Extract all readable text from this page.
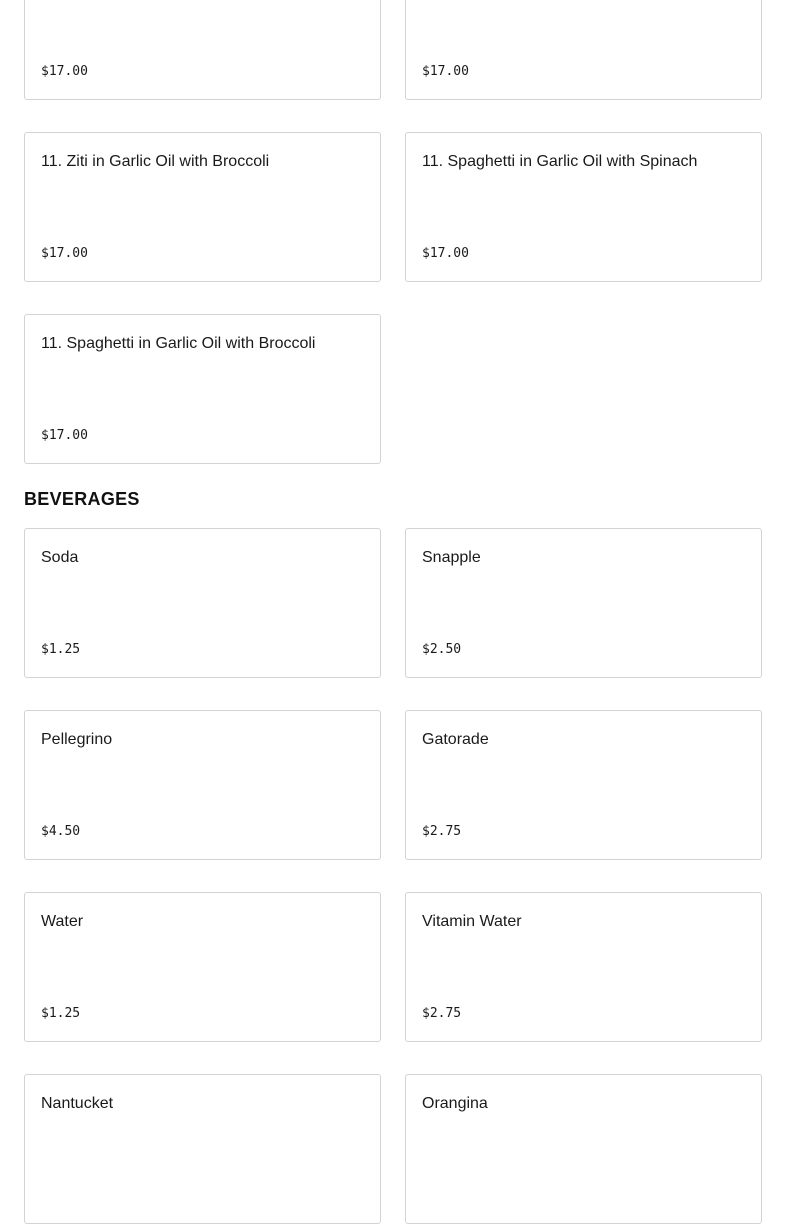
$17.00	$17.00
11. Ziti in Garlic Oil with Broccoli
$17.00
11. Spaghetti in Garlic Oil with Spinach
$17.00
11. Spaghetti in Garlic Oil with Broccoli
$17.00
BEVERAGES
Soda
$1.25
Snapple
$2.50
Pellegrino
$4.50
Gatorade
$2.75
Water
$1.25
Vitamin Water
$2.75
Nantucket	Orangina
